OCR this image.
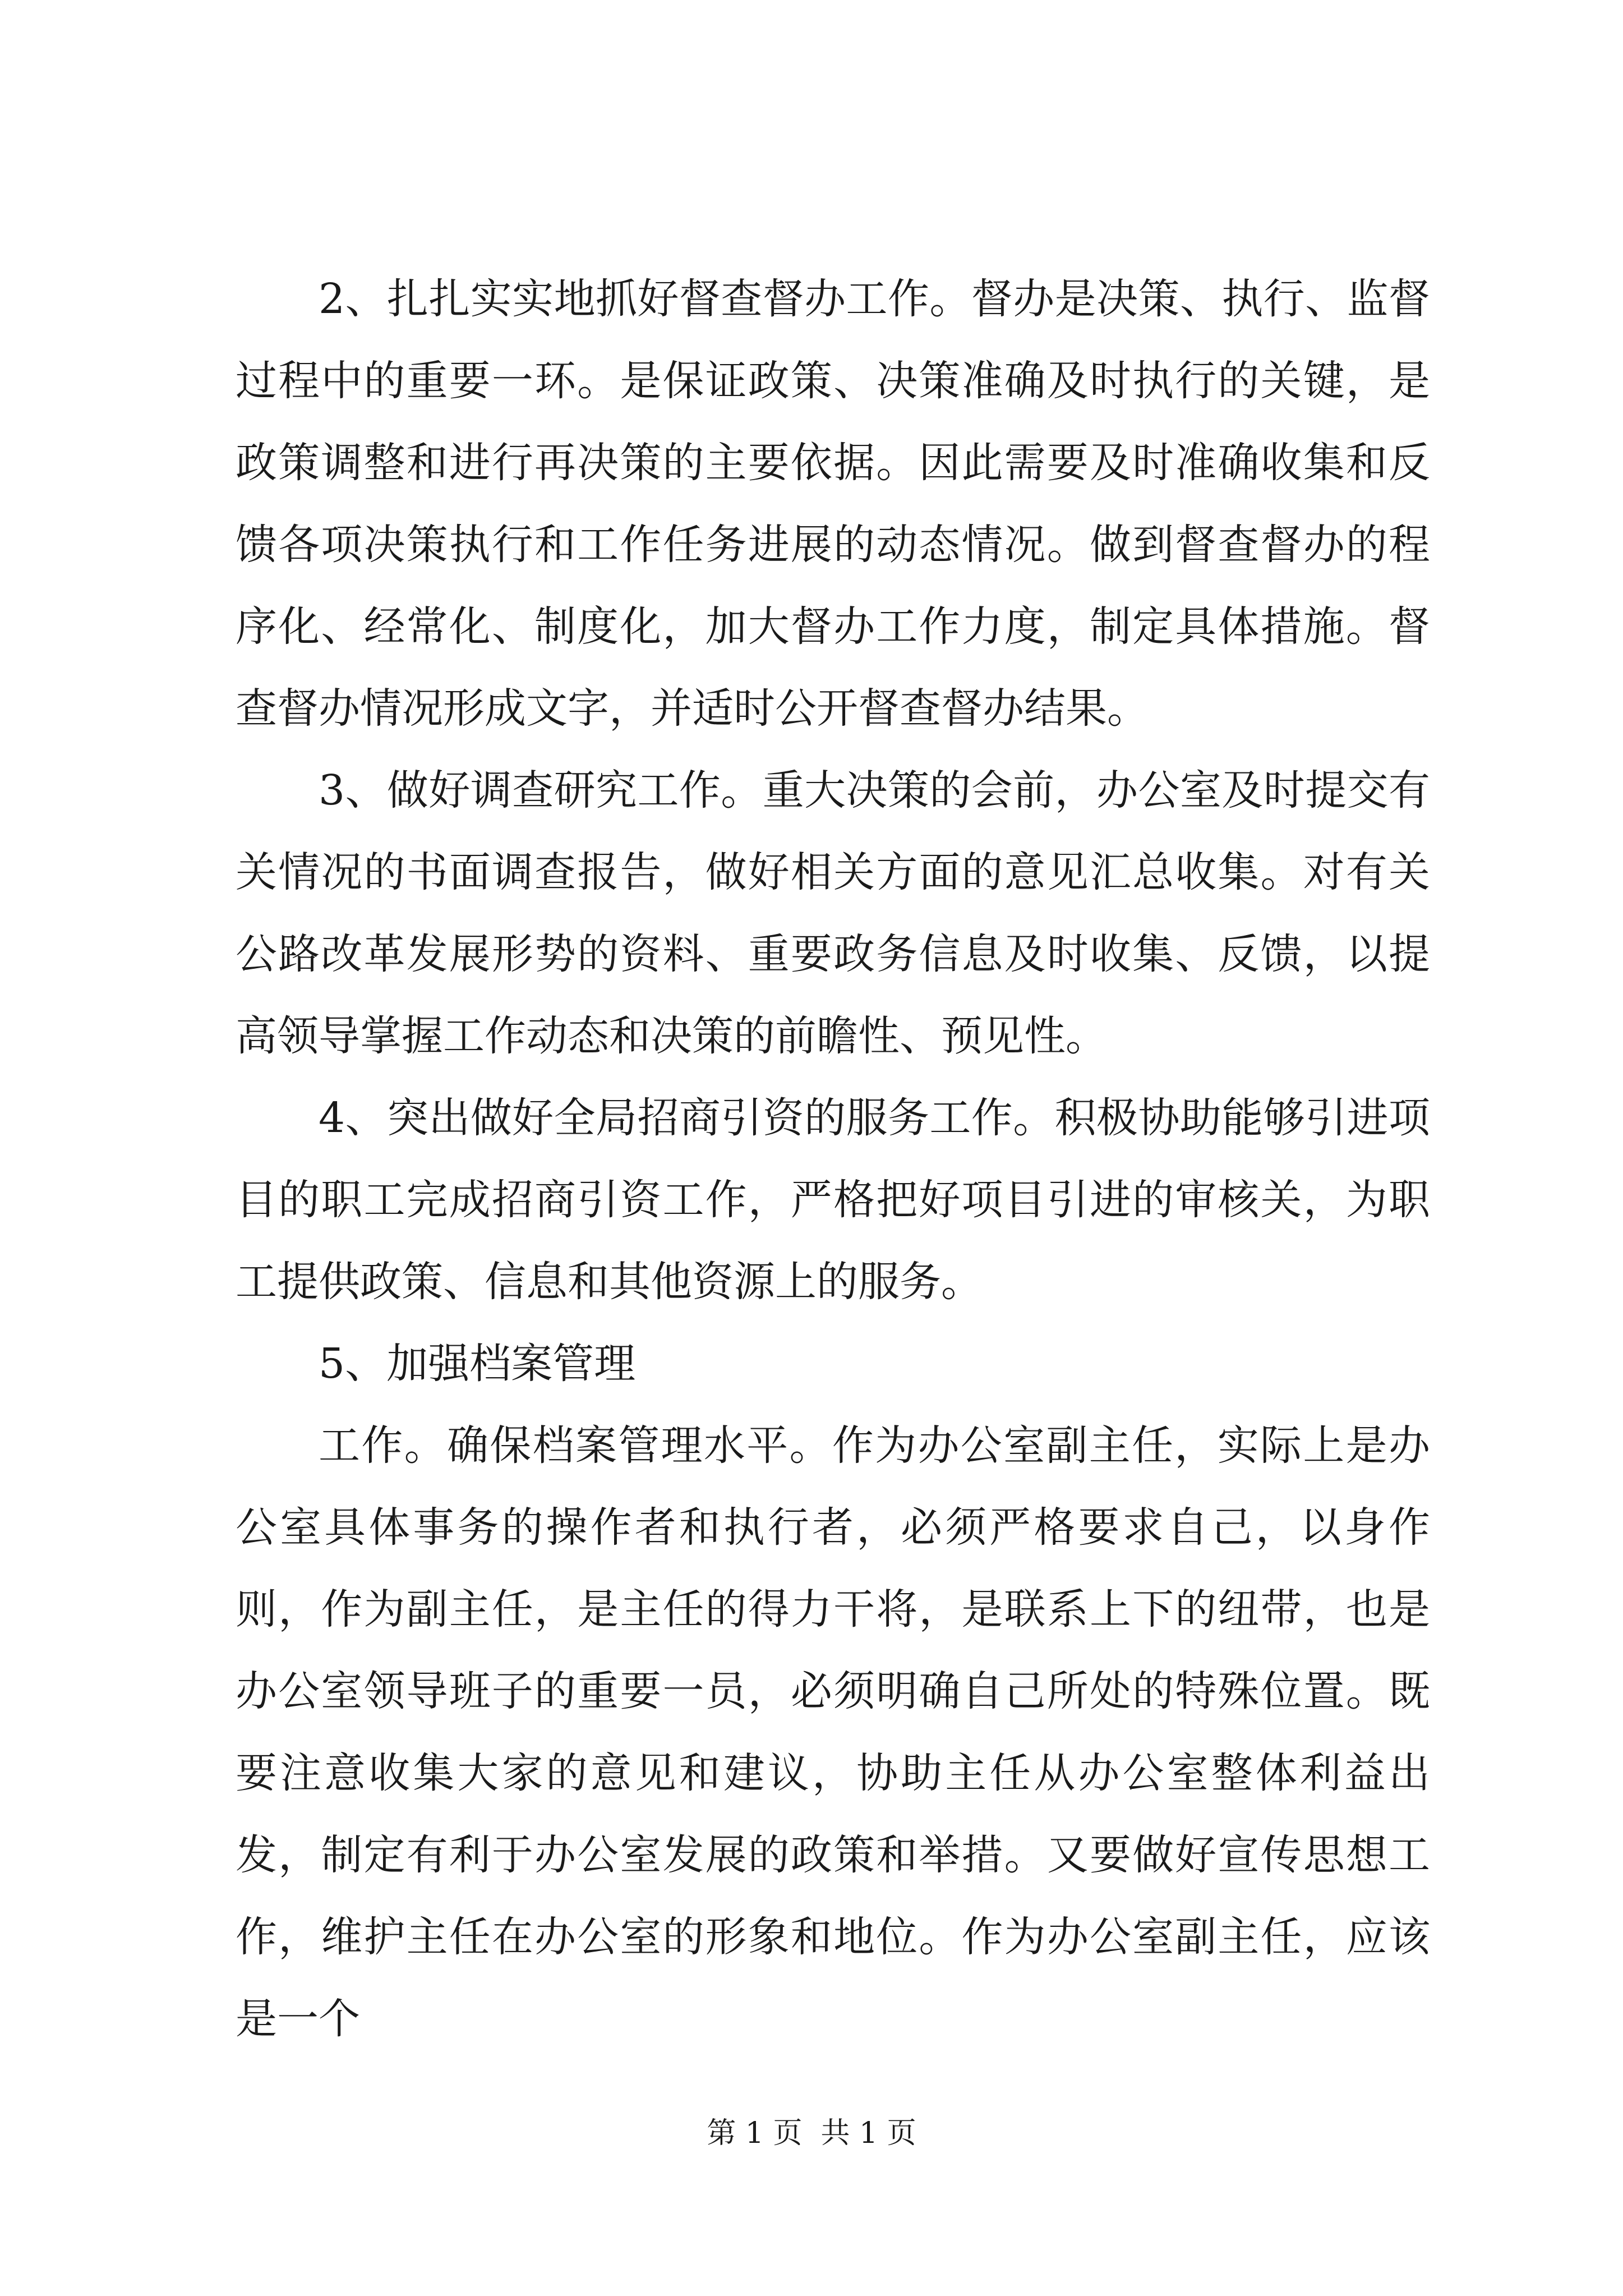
2、扎扎实实地抓好督查督办工作。督办是决策、执行、监督过程中的重要一环。是保证政策、决策准确及时执行的关键，是政策调整和进行再决策的主要依据。因此需要及时准确收集和反馈各项决策执行和工作任务进展的动态情况。做到督查督办的程序化、经常化、制度化，加大督办工作力度，制定具体措施。督查督办情况形成文字，并适时公开督查督办结果。

3、做好调查研究工作。重大决策的会前，办公室及时提交有关情况的书面调查报告，做好相关方面的意见汇总收集。对有关公路改革发展形势的资料、重要政务信息及时收集、反馈，以提高领导掌握工作动态和决策的前瞻性、预见性。

4、突出做好全局招商引资的服务工作。积极协助能够引进项目的职工完成招商引资工作，严格把好项目引进的审核关，为职工提供政策、信息和其他资源上的服务。

5、加强档案管理

工作。确保档案管理水平。作为办公室副主任，实际上是办公室具体事务的操作者和执行者，必须严格要求自己，以身作则，作为副主任，是主任的得力干将，是联系上下的纽带，也是办公室领导班子的重要一员，必须明确自己所处的特殊位置。既要注意收集大家的意见和建议，协助主任从办公室整体利益出发，制定有利于办公室发展的政策和举措。又要做好宣传思想工作，维护主任在办公室的形象和地位。作为办公室副主任，应该是一个

第 1 页  共 1 页
